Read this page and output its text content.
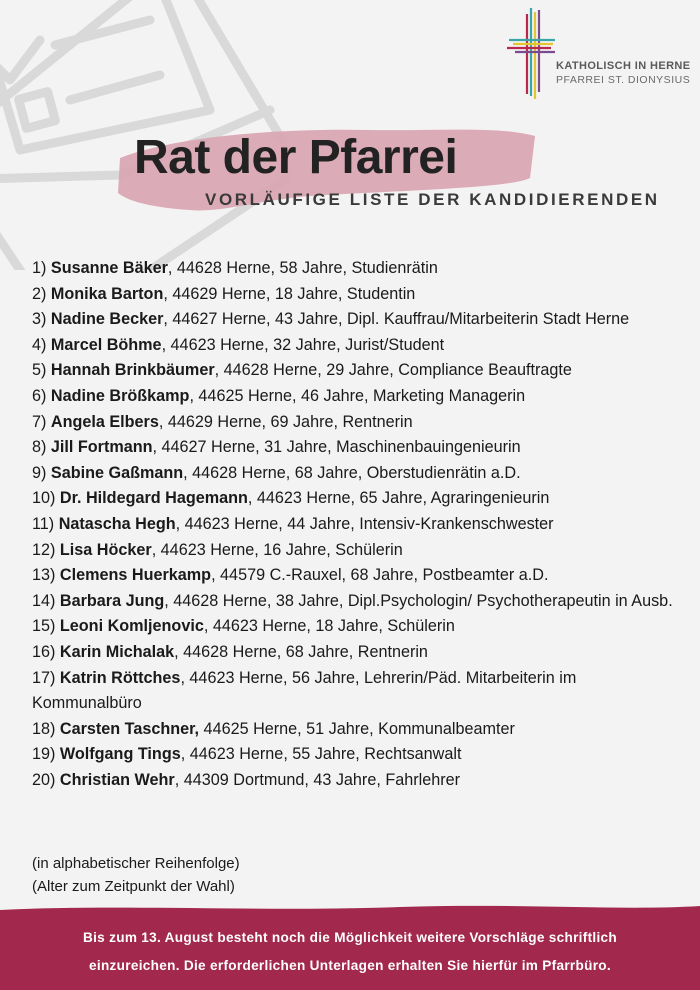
KATHOLISCH IN HERNE
PFARREI ST. DIONYSIUS
Rat der Pfarrei
VORLÄUFIGE LISTE DER KANDIDIERENDEN
1) Susanne Bäker, 44628 Herne, 58 Jahre, Studienrätin
2) Monika Barton, 44629 Herne, 18 Jahre, Studentin
3) Nadine Becker, 44627 Herne, 43 Jahre, Dipl. Kauffrau/Mitarbeiterin Stadt Herne
4) Marcel Böhme, 44623 Herne, 32 Jahre, Jurist/Student
5) Hannah Brinkbäumer, 44628 Herne, 29 Jahre, Compliance Beauftragte
6) Nadine Brößkamp, 44625 Herne, 46 Jahre, Marketing Managerin
7) Angela Elbers, 44629 Herne, 69 Jahre, Rentnerin
8) Jill Fortmann, 44627 Herne, 31 Jahre, Maschinenbauingenieurin
9) Sabine Gaßmann, 44628 Herne, 68 Jahre, Oberstudienrätin a.D.
10) Dr. Hildegard Hagemann, 44623 Herne, 65 Jahre, Agraringenieurin
11) Natascha Hegh, 44623 Herne, 44 Jahre, Intensiv-Krankenschwester
12) Lisa Höcker, 44623 Herne, 16 Jahre, Schülerin
13) Clemens Huerkamp, 44579 C.-Rauxel, 68 Jahre, Postbeamter a.D.
14) Barbara Jung, 44628 Herne, 38 Jahre, Dipl.Psychologin/ Psychotherapeutin in Ausb.
15) Leoni Komljenovic, 44623 Herne, 18 Jahre, Schülerin
16) Karin Michalak, 44628 Herne, 68 Jahre, Rentnerin
17) Katrin Röttches, 44623 Herne, 56 Jahre, Lehrerin/Päd. Mitarbeiterin im Kommunalbüro
18) Carsten Taschner, 44625 Herne, 51 Jahre, Kommunalbeamter
19) Wolfgang Tings, 44623 Herne, 55 Jahre, Rechtsanwalt
20) Christian Wehr, 44309 Dortmund, 43 Jahre, Fahrlehrer
(in alphabetischer Reihenfolge)
(Alter zum Zeitpunkt der Wahl)
Bis zum 13. August besteht noch die Möglichkeit weitere Vorschläge schriftlich
einzureichen. Die erforderlichen Unterlagen erhalten Sie hierfür im Pfarrbüro.
